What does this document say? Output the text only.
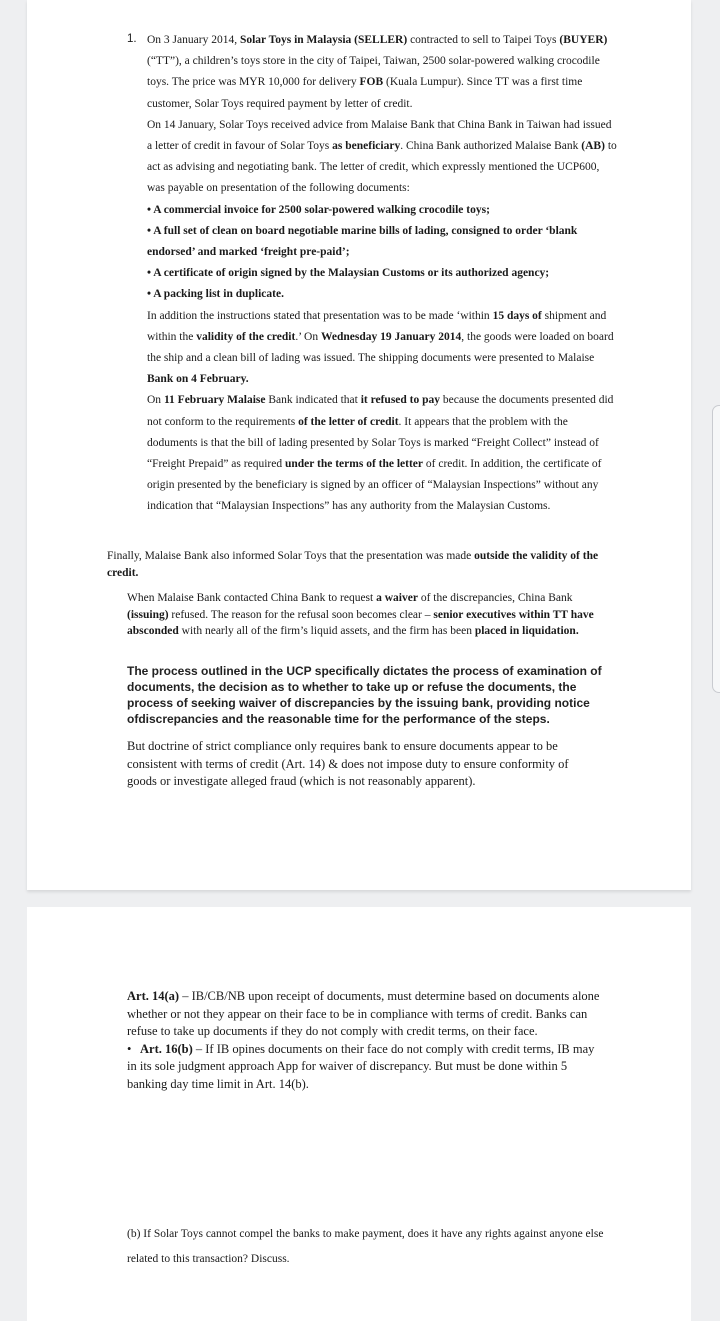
1. On 3 January 2014, Solar Toys in Malaysia (SELLER) contracted to sell to Taipei Toys (BUYER) (“TT”), a children’s toys store in the city of Taipei, Taiwan, 2500 solar-powered walking crocodile toys. The price was MYR 10,000 for delivery FOB (Kuala Lumpur). Since TT was a first time customer, Solar Toys required payment by letter of credit.

On 14 January, Solar Toys received advice from Malaise Bank that China Bank in Taiwan had issued a letter of credit in favour of Solar Toys as beneficiary. China Bank authorized Malaise Bank (AB) to act as advising and negotiating bank. The letter of credit, which expressly mentioned the UCP600, was payable on presentation of the following documents:

• A commercial invoice for 2500 solar-powered walking crocodile toys;

• A full set of clean on board negotiable marine bills of lading, consigned to order ‘blank endorsed’ and marked ‘freight pre-paid’;

• A certificate of origin signed by the Malaysian Customs or its authorized agency;

• A packing list in duplicate.

In addition the instructions stated that presentation was to be made ‘within 15 days of shipment and within the validity of the credit.’ On Wednesday 19 January 2014, the goods were loaded on board the ship and a clean bill of lading was issued. The shipping documents were presented to Malaise Bank on 4 February.

On 11 February Malaise Bank indicated that it refused to pay because the documents presented did not conform to the requirements of the letter of credit. It appears that the problem with the doduments is that the bill of lading presented by Solar Toys is marked “Freight Collect” instead of “Freight Prepaid” as required under the terms of the letter of credit. In addition, the certificate of origin presented by the beneficiary is signed by an officer of “Malaysian Inspections” without any indication that “Malaysian Inspections” has any authority from the Malaysian Customs.

Finally, Malaise Bank also informed Solar Toys that the presentation was made outside the validity of the credit.
When Malaise Bank contacted China Bank to request a waiver of the discrepancies, China Bank (issuing) refused. The reason for the refusal soon becomes clear – senior executives within TT have absconded with nearly all of the firm’s liquid assets, and the firm has been placed in liquidation.
The process outlined in the UCP specifically dictates the process of examination of documents, the decision as to whether to take up or refuse the documents, the process of seeking waiver of discrepancies by the issuing bank, providing notice ofdiscrepancies and the reasonable time for the performance of the steps.
But doctrine of strict compliance only requires bank to ensure documents appear to be consistent with terms of credit (Art. 14) & does not impose duty to ensure conformity of goods or investigate alleged fraud (which is not reasonably apparent).

Art. 14(a) – IB/CB/NB upon receipt of documents, must determine based on documents alone whether or not they appear on their face to be in compliance with terms of credit. Banks can refuse to take up documents if they do not comply with credit terms, on their face.

• Art. 16(b) – If IB opines documents on their face do not comply with credit terms, IB may in its sole judgment approach App for waiver of discrepancy. But must be done within 5 banking day time limit in Art. 14(b).

(b) If Solar Toys cannot compel the banks to make payment, does it have any rights against anyone else related to this transaction? Discuss.
